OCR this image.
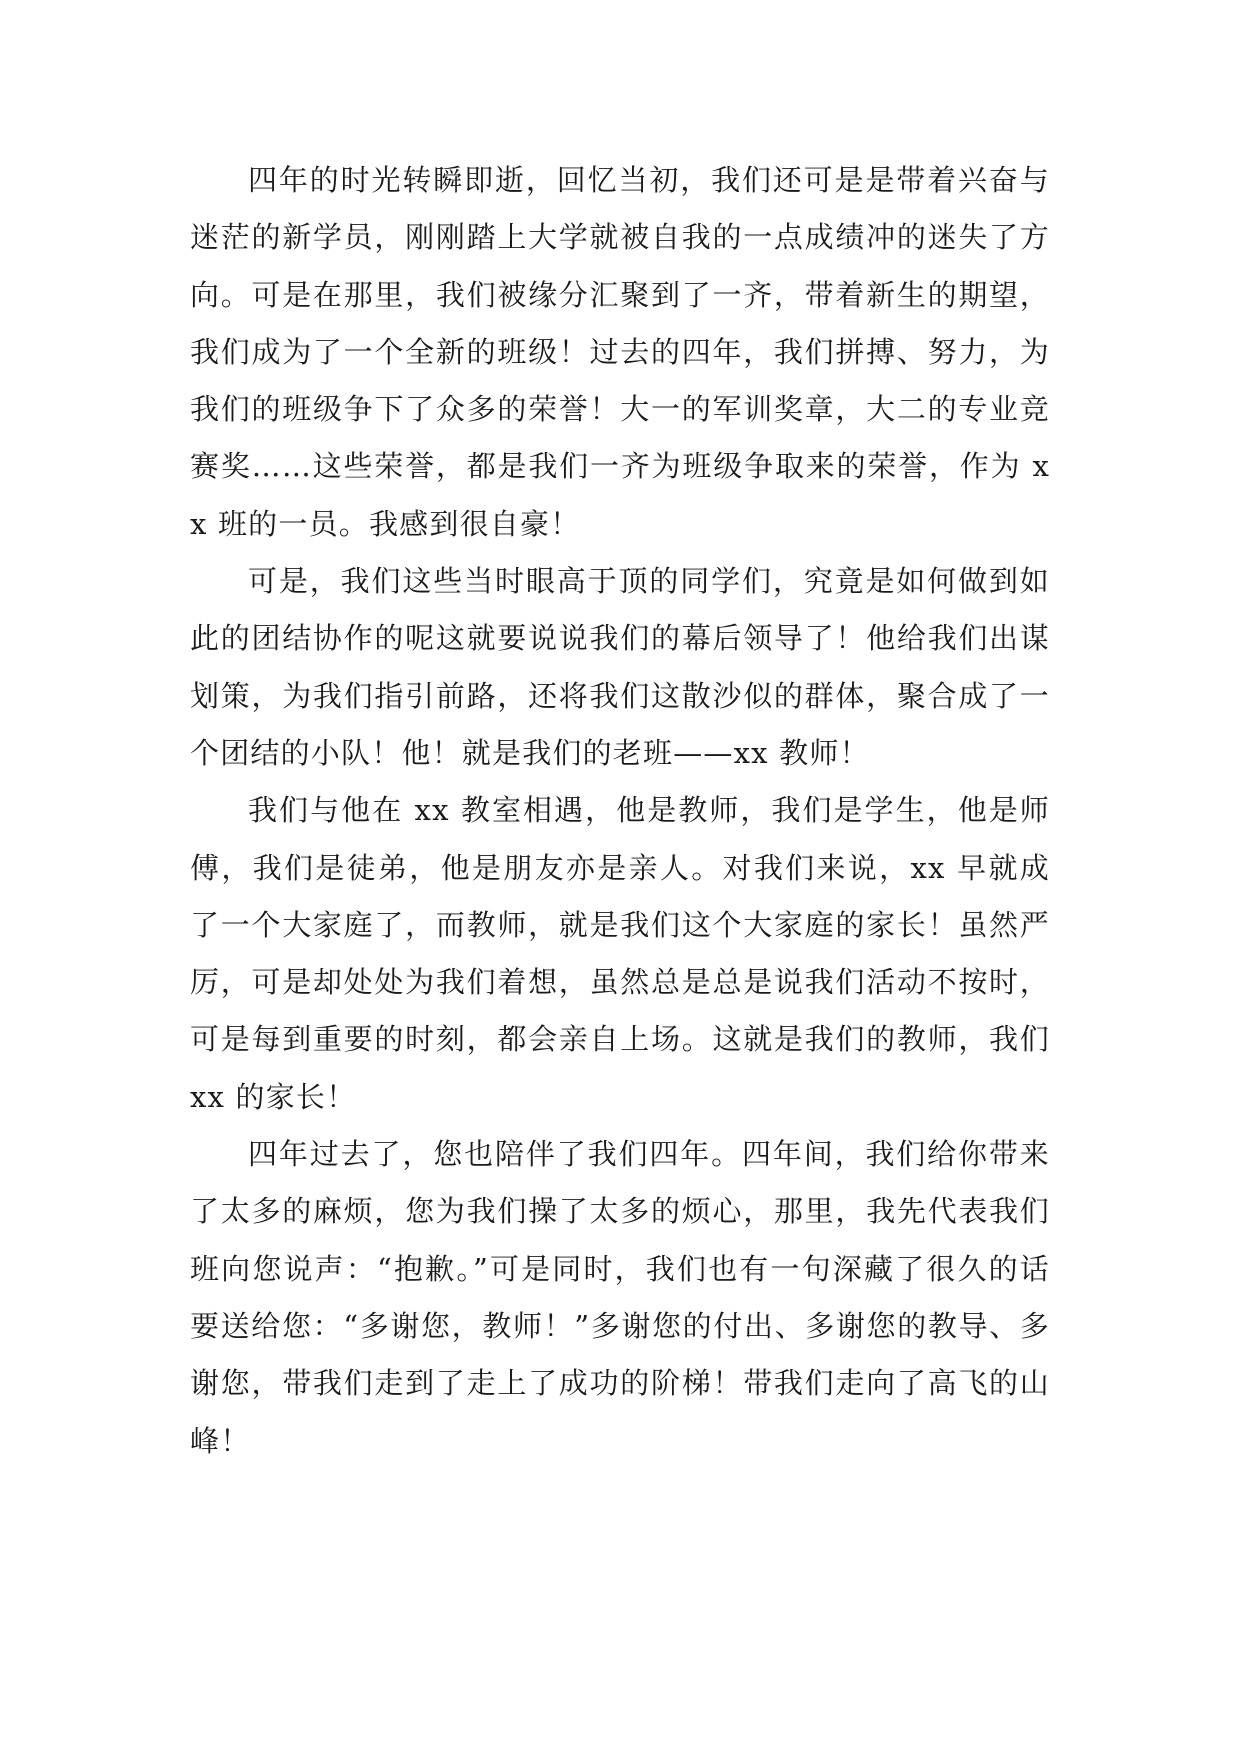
四年的时光转瞬即逝，回忆当初，我们还可是是带着兴奋与迷茫的新学员，刚刚踏上大学就被自我的一点成绩冲的迷失了方向。可是在那里，我们被缘分汇聚到了一齐，带着新生的期望，我们成为了一个全新的班级！过去的四年，我们拼搏、努力，为我们的班级争下了众多的荣誉！大一的军训奖章，大二的专业竞赛奖……这些荣誉，都是我们一齐为班级争取来的荣誉，作为 xx 班的一员。我感到很自豪！

可是，我们这些当时眼高于顶的同学们，究竟是如何做到如此的团结协作的呢这就要说说我们的幕后领导了！他给我们出谋划策，为我们指引前路，还将我们这散沙似的群体，聚合成了一个团结的小队！他！就是我们的老班——xx 教师！

我们与他在 xx 教室相遇，他是教师，我们是学生，他是师傅，我们是徒弟，他是朋友亦是亲人。对我们来说，xx 早就成了一个大家庭了，而教师，就是我们这个大家庭的家长！虽然严厉，可是却处处为我们着想，虽然总是总是说我们活动不按时，可是每到重要的时刻，都会亲自上场。这就是我们的教师，我们 xx 的家长！

四年过去了，您也陪伴了我们四年。四年间，我们给你带来了太多的麻烦，您为我们操了太多的烦心，那里，我先代表我们班向您说声：“抱歉。”可是同时，我们也有一句深藏了很久的话要送给您：“多谢您，教师！”多谢您的付出、多谢您的教导、多谢您，带我们走到了走上了成功的阶梯！带我们走向了高飞的山峰！
